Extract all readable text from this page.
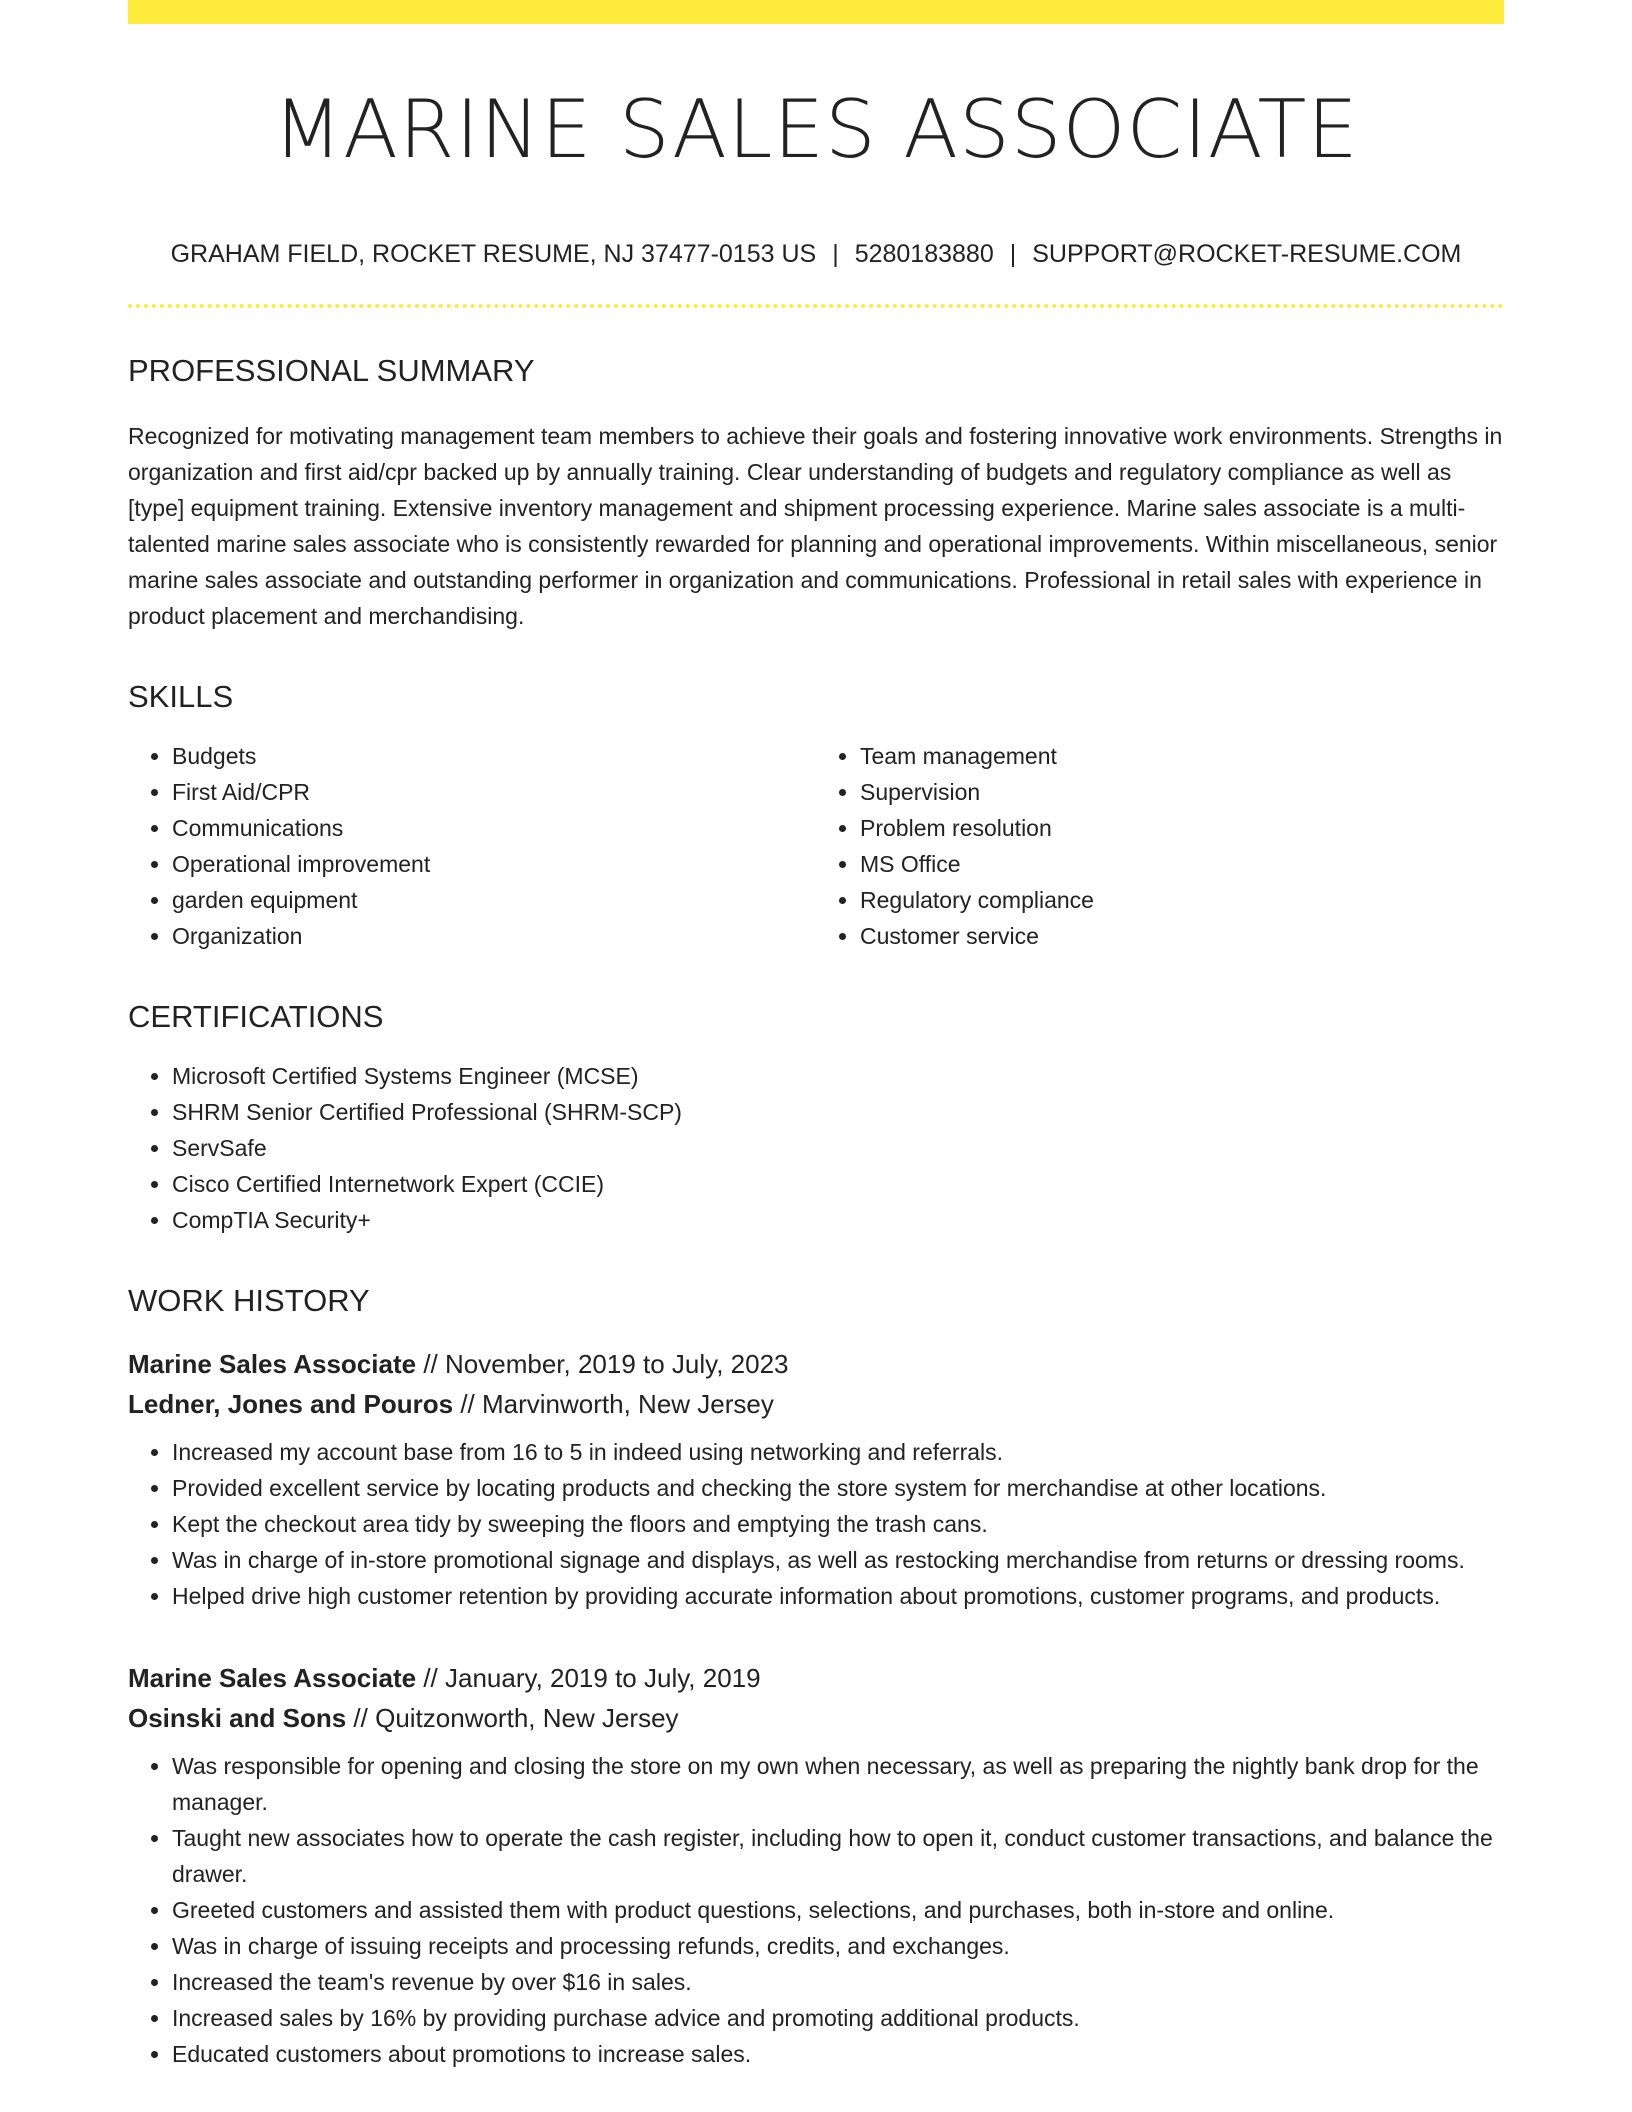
MARINE SALES ASSOCIATE
GRAHAM FIELD, ROCKET RESUME, NJ 37477-0153 US | 5280183880 | SUPPORT@ROCKET-RESUME.COM
PROFESSIONAL SUMMARY

Recognized for motivating management team members to achieve their goals and fostering innovative work environments. Strengths in organization and first aid/cpr backed up by annually training. Clear understanding of budgets and regulatory compliance as well as [type] equipment training. Extensive inventory management and shipment processing experience. Marine sales associate is a multi-talented marine sales associate who is consistently rewarded for planning and operational improvements. Within miscellaneous, senior marine sales associate and outstanding performer in organization and communications. Professional in retail sales with experience in product placement and merchandising.

SKILLS
• Budgets
• First Aid/CPR
• Communications
• Operational improvement
• garden equipment
• Organization
• Team management
• Supervision
• Problem resolution
• MS Office
• Regulatory compliance
• Customer service
CERTIFICATIONS
• Microsoft Certified Systems Engineer (MCSE)
• SHRM Senior Certified Professional (SHRM-SCP)
• ServSafe
• Cisco Certified Internetwork Expert (CCIE)
• CompTIA Security+
WORK HISTORY
Marine Sales Associate // November, 2019 to July, 2023
Ledner, Jones and Pouros // Marvinworth, New Jersey
• Increased my account base from 16 to 5 in indeed using networking and referrals.
• Provided excellent service by locating products and checking the store system for merchandise at other locations.
• Kept the checkout area tidy by sweeping the floors and emptying the trash cans.
• Was in charge of in-store promotional signage and displays, as well as restocking merchandise from returns or dressing rooms.
• Helped drive high customer retention by providing accurate information about promotions, customer programs, and products.
Marine Sales Associate // January, 2019 to July, 2019
Osinski and Sons // Quitzonworth, New Jersey
• Was responsible for opening and closing the store on my own when necessary, as well as preparing the nightly bank drop for the manager.
• Taught new associates how to operate the cash register, including how to open it, conduct customer transactions, and balance the drawer.
• Greeted customers and assisted them with product questions, selections, and purchases, both in-store and online.
• Was in charge of issuing receipts and processing refunds, credits, and exchanges.
• Increased the team's revenue by over $16 in sales.
• Increased sales by 16% by providing purchase advice and promoting additional products.
• Educated customers about promotions to increase sales.
